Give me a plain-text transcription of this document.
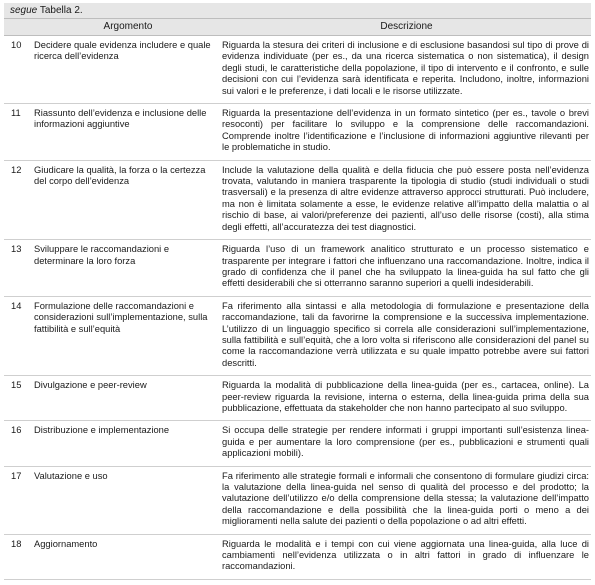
segue Tabella 2.
	Argomento	Descrizione
10	Decidere quale evidenza includere e quale ricerca dell’evidenza	Riguarda la stesura dei criteri di inclusione e di esclusione basandosi sul tipo di prove di evidenza individuate (per es., da una ricerca sistematica o non sistematica), il design degli studi, le caratteristiche della popolazione, il tipo di intervento e il confronto, e sulle decisioni con cui l’evidenza sarà identificata e reperita. Includono, inoltre, informazioni sui valori e le preferenze, i dati locali e le risorse utilizzate.
11	Riassunto dell’evidenza e inclusione delle informazioni aggiuntive	Riguarda la presentazione dell’evidenza in un formato sintetico (per es., tavole o brevi resoconti) per facilitare lo sviluppo e la comprensione delle raccomandazioni. Comprende inoltre l’identificazione e l’inclusione di informazioni aggiuntive rilevanti per le problematiche in studio.
12	Giudicare la qualità, la forza o la certezza del corpo dell’evidenza	Include la valutazione della qualità e della fiducia che può essere posta nell’evidenza trovata, valutando in maniera trasparente la tipologia di studio (studi individuali o studi trasversali) e la presenza di altre evidenze attraverso approcci strutturati. Può includere, ma non è limitata solamente a esse, le evidenze relative all’impatto della malattia o al rischio di base, ai valori/preferenze dei pazienti, all’uso delle risorse (costi), alla stima degli effetti, all’accuratezza dei test diagnostici.
13	Sviluppare le raccomandazioni e determinare la loro forza	Riguarda l’uso di un framework analitico strutturato e un processo sistematico e trasparente per integrare i fattori che influenzano una raccomandazione. Inoltre, indica il grado di confidenza che il panel che ha sviluppato la linea-guida ha sul fatto che gli effetti desiderabili che si otterranno saranno superiori a quelli indesiderabili.
14	Formulazione delle raccomandazioni e considerazioni sull’implementazione, sulla fattibilità e sull’equità	Fa riferimento alla sintassi e alla metodologia di formulazione e presentazione della raccomandazione, tali da favorirne la comprensione e la successiva implementazione. L’utilizzo di un linguaggio specifico si correla alle considerazioni sull’implementazione, sulla fattibilità e sull’equità, che a loro volta si riferiscono alle considerazioni del panel su come la raccomandazione verrà utilizzata e su quale impatto potrebbe avere sui fattori descritti.
15	Divulgazione e peer-review	Riguarda la modalità di pubblicazione della linea-guida (per es., cartacea, online). La peer-review riguarda la revisione, interna o esterna, della linea-guida prima della sua pubblicazione, effettuata da stakeholder che non hanno partecipato al suo sviluppo.
16	Distribuzione e implementazione	Si occupa delle strategie per rendere informati i gruppi importanti sull’esistenza linea-guida e per aumentare la loro comprensione (per es., pubblicazioni e strumenti quali applicazioni mobili).
17	Valutazione e uso	Fa riferimento alle strategie formali e informali che consentono di formulare giudizi circa: la valutazione della linea-guida nel senso di qualità del processo e del prodotto; la valutazione dell’utilizzo e/o della comprensione della stessa; la valutazione dell’impatto della raccomandazione e della possibilità che la linea-guida porti o meno a dei miglioramenti nella salute dei pazienti o della popolazione o ad altri effetti.
18	Aggiornamento	Riguarda le modalità e i tempi con cui viene aggiornata una linea-guida, alla luce di cambiamenti nell’evidenza utilizzata o in altri fattori in grado di influenzare le raccomandazioni.
